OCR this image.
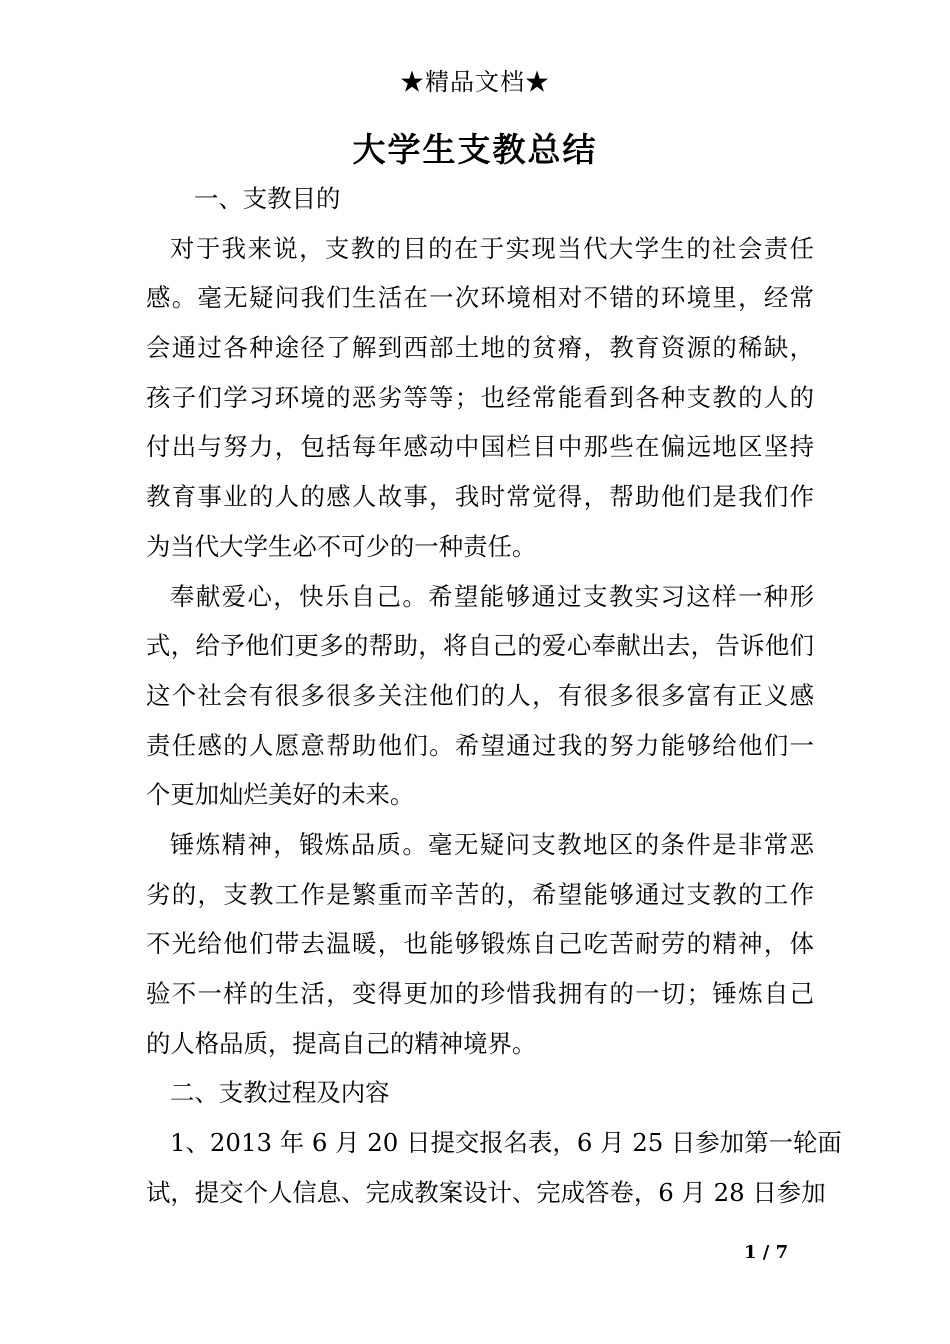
★精品文档★
大学生支教总结
一、支教目的
对于我来说，支教的目的在于实现当代大学生的社会责任
感。毫无疑问我们生活在一次环境相对不错的环境里，经常
会通过各种途径了解到西部土地的贫瘠，教育资源的稀缺，
孩子们学习环境的恶劣等等；也经常能看到各种支教的人的
付出与努力，包括每年感动中国栏目中那些在偏远地区坚持
教育事业的人的感人故事，我时常觉得，帮助他们是我们作
为当代大学生必不可少的一种责任。
奉献爱心，快乐自己。希望能够通过支教实习这样一种形
式，给予他们更多的帮助，将自己的爱心奉献出去，告诉他们
这个社会有很多很多关注他们的人，有很多很多富有正义感
责任感的人愿意帮助他们。希望通过我的努力能够给他们一
个更加灿烂美好的未来。
锤炼精神，锻炼品质。毫无疑问支教地区的条件是非常恶
劣的，支教工作是繁重而辛苦的，希望能够通过支教的工作
不光给他们带去温暖，也能够锻炼自己吃苦耐劳的精神，体
验不一样的生活，变得更加的珍惜我拥有的一切；锤炼自己
的人格品质，提高自己的精神境界。
二、支教过程及内容
1、2013 年 6 月 20 日提交报名表，6 月 25 日参加第一轮面
试，提交个人信息、完成教案设计、完成答卷，6 月 28 日参加
1 / 7
